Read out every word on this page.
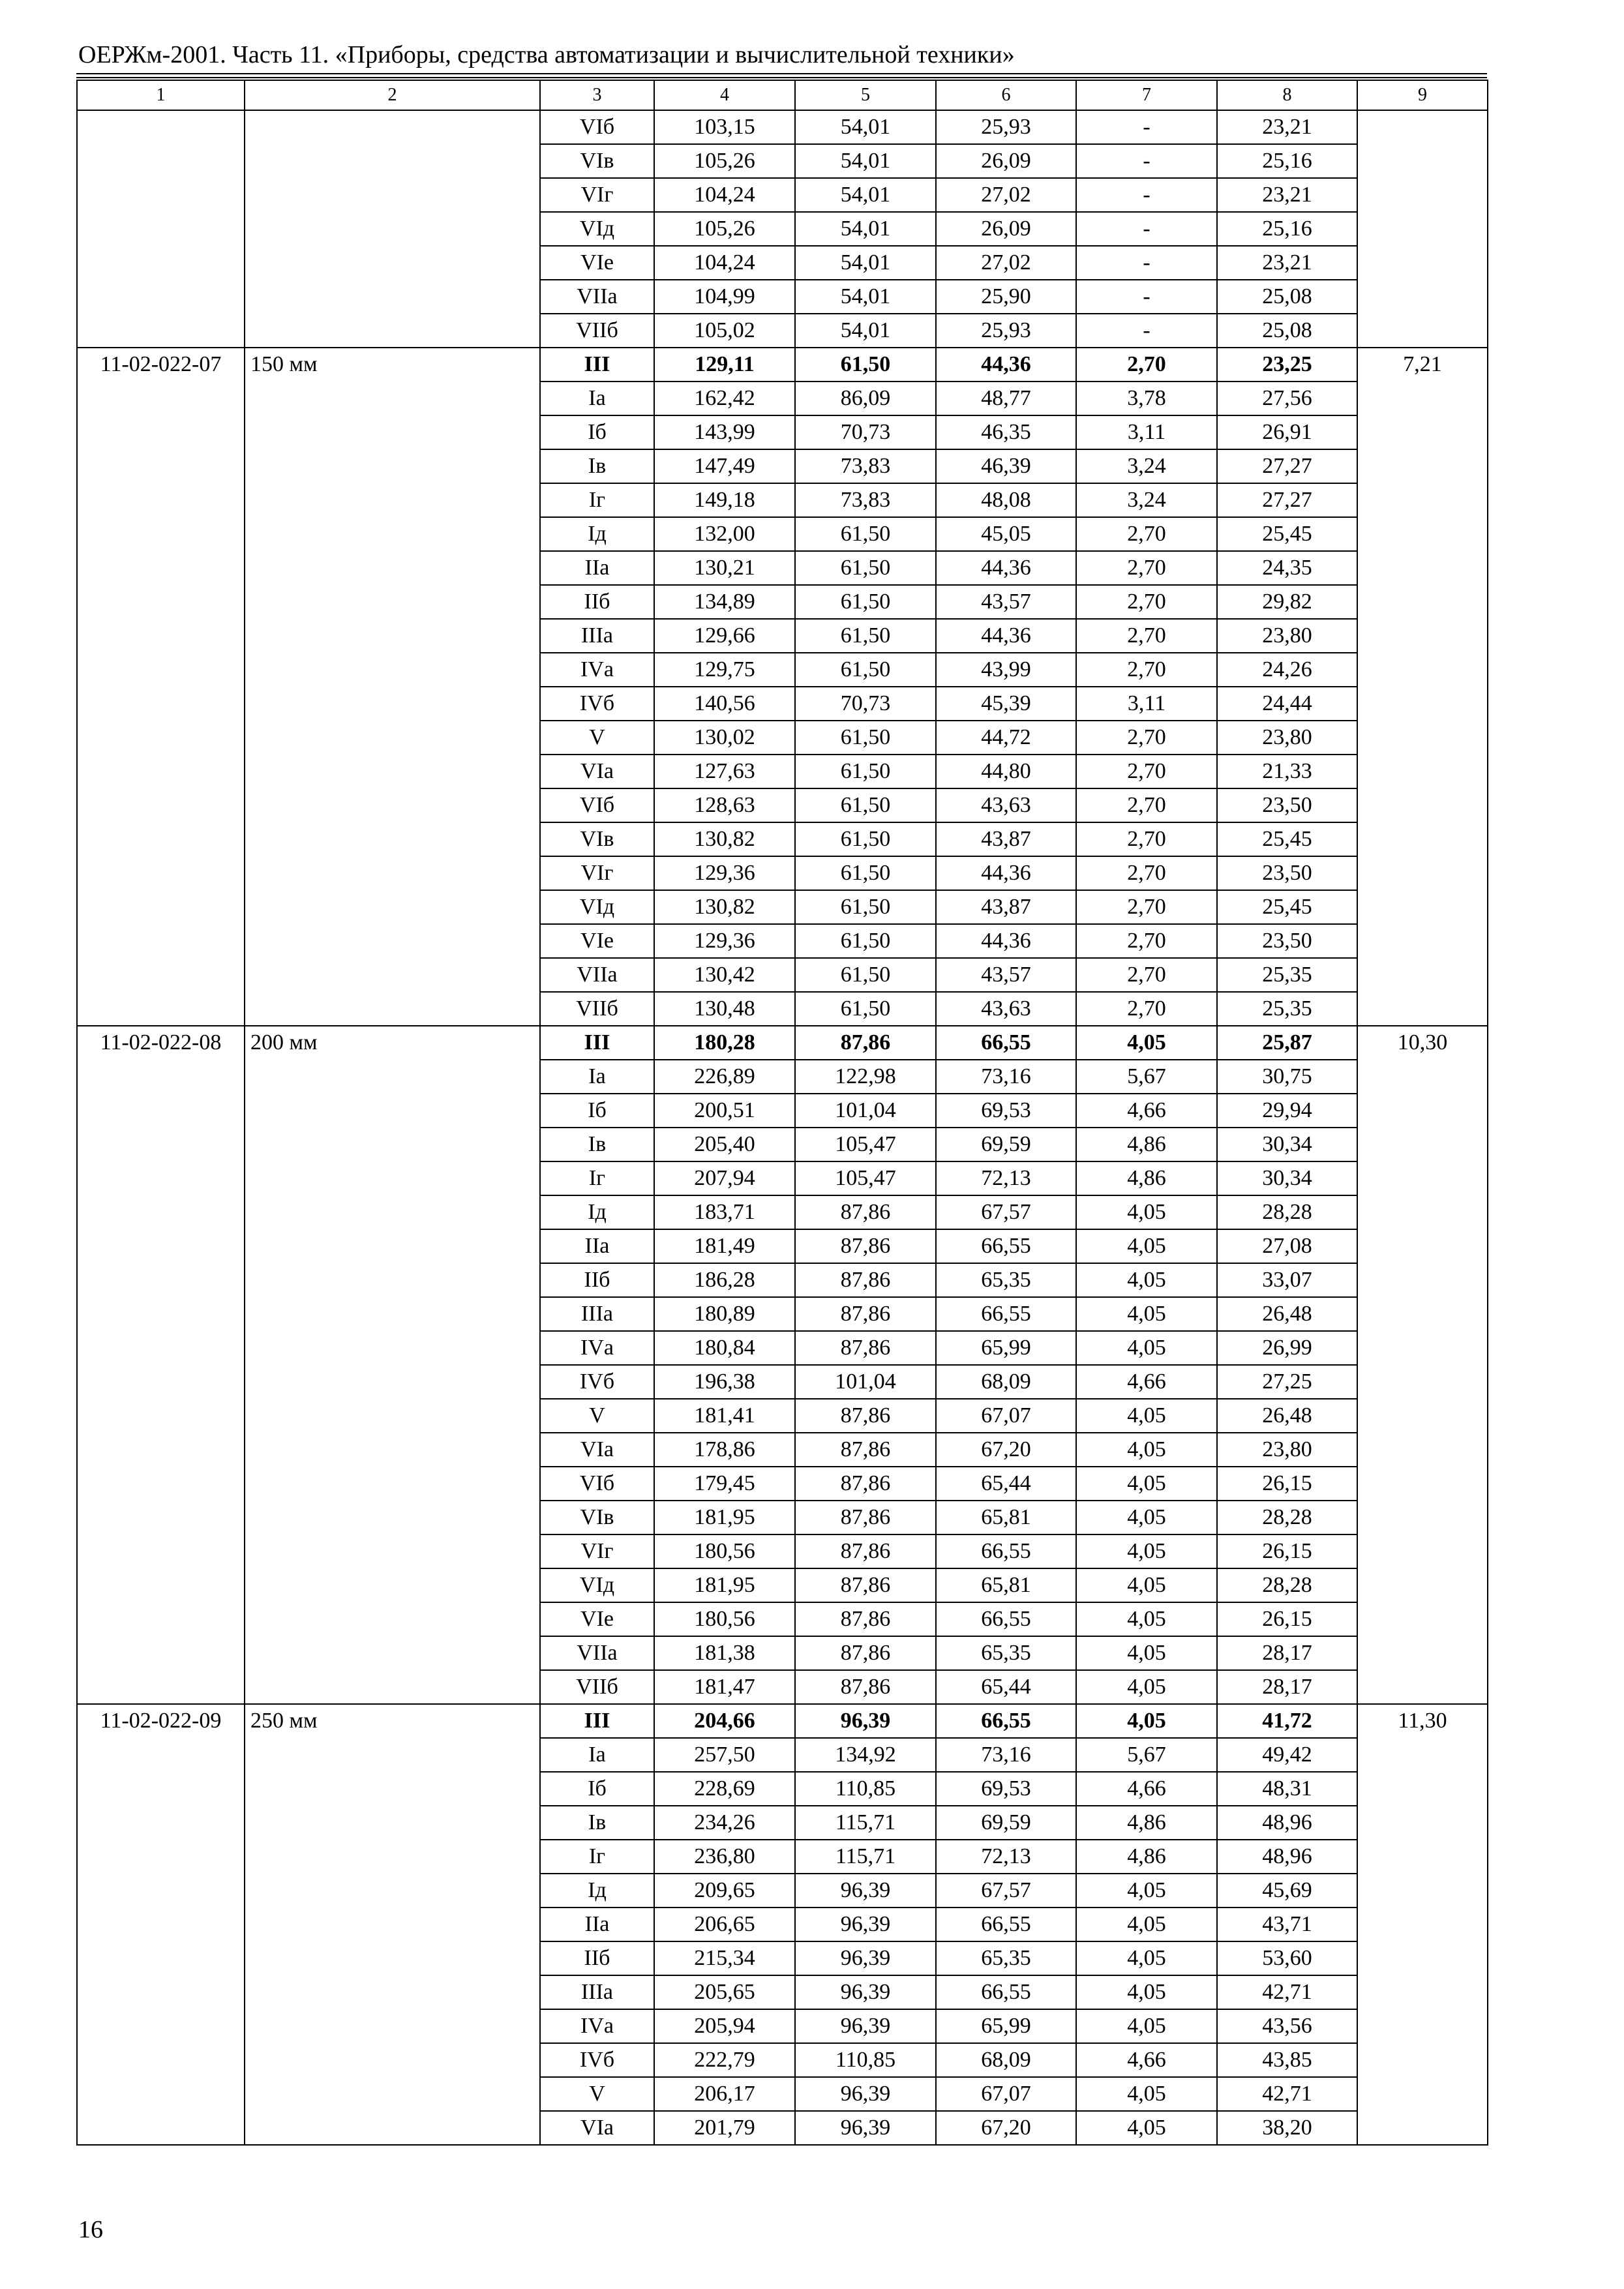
ОЕРЖм-2001. Часть 11. «Приборы, средства автоматизации и вычислительной техники»
1	2	3	4	5	6	7	8	9
		VIб	103,15	54,01	25,93	-	23,21	
		VIв	105,26	54,01	26,09	-	25,16	
		VIг	104,24	54,01	27,02	-	23,21	
		VIд	105,26	54,01	26,09	-	25,16	
		VIе	104,24	54,01	27,02	-	23,21	
		VIIа	104,99	54,01	25,90	-	25,08	
		VIIб	105,02	54,01	25,93	-	25,08	
11-02-022-07	150 мм	III	129,11	61,50	44,36	2,70	23,25	7,21
		Iа	162,42	86,09	48,77	3,78	27,56	
		Iб	143,99	70,73	46,35	3,11	26,91	
		Iв	147,49	73,83	46,39	3,24	27,27	
		Iг	149,18	73,83	48,08	3,24	27,27	
		Iд	132,00	61,50	45,05	2,70	25,45	
		IIа	130,21	61,50	44,36	2,70	24,35	
		IIб	134,89	61,50	43,57	2,70	29,82	
		IIIа	129,66	61,50	44,36	2,70	23,80	
		IVа	129,75	61,50	43,99	2,70	24,26	
		IVб	140,56	70,73	45,39	3,11	24,44	
		V	130,02	61,50	44,72	2,70	23,80	
		VIа	127,63	61,50	44,80	2,70	21,33	
		VIб	128,63	61,50	43,63	2,70	23,50	
		VIв	130,82	61,50	43,87	2,70	25,45	
		VIг	129,36	61,50	44,36	2,70	23,50	
		VIд	130,82	61,50	43,87	2,70	25,45	
		VIе	129,36	61,50	44,36	2,70	23,50	
		VIIа	130,42	61,50	43,57	2,70	25,35	
		VIIб	130,48	61,50	43,63	2,70	25,35	
11-02-022-08	200 мм	III	180,28	87,86	66,55	4,05	25,87	10,30
		Iа	226,89	122,98	73,16	5,67	30,75	
		Iб	200,51	101,04	69,53	4,66	29,94	
		Iв	205,40	105,47	69,59	4,86	30,34	
		Iг	207,94	105,47	72,13	4,86	30,34	
		Iд	183,71	87,86	67,57	4,05	28,28	
		IIа	181,49	87,86	66,55	4,05	27,08	
		IIб	186,28	87,86	65,35	4,05	33,07	
		IIIа	180,89	87,86	66,55	4,05	26,48	
		IVа	180,84	87,86	65,99	4,05	26,99	
		IVб	196,38	101,04	68,09	4,66	27,25	
		V	181,41	87,86	67,07	4,05	26,48	
		VIа	178,86	87,86	67,20	4,05	23,80	
		VIб	179,45	87,86	65,44	4,05	26,15	
		VIв	181,95	87,86	65,81	4,05	28,28	
		VIг	180,56	87,86	66,55	4,05	26,15	
		VIд	181,95	87,86	65,81	4,05	28,28	
		VIе	180,56	87,86	66,55	4,05	26,15	
		VIIа	181,38	87,86	65,35	4,05	28,17	
		VIIб	181,47	87,86	65,44	4,05	28,17	
11-02-022-09	250 мм	III	204,66	96,39	66,55	4,05	41,72	11,30
		Iа	257,50	134,92	73,16	5,67	49,42	
		Iб	228,69	110,85	69,53	4,66	48,31	
		Iв	234,26	115,71	69,59	4,86	48,96	
		Iг	236,80	115,71	72,13	4,86	48,96	
		Iд	209,65	96,39	67,57	4,05	45,69	
		IIа	206,65	96,39	66,55	4,05	43,71	
		IIб	215,34	96,39	65,35	4,05	53,60	
		IIIа	205,65	96,39	66,55	4,05	42,71	
		IVа	205,94	96,39	65,99	4,05	43,56	
		IVб	222,79	110,85	68,09	4,66	43,85	
		V	206,17	96,39	67,07	4,05	42,71	
		VIа	201,79	96,39	67,20	4,05	38,20	
16
